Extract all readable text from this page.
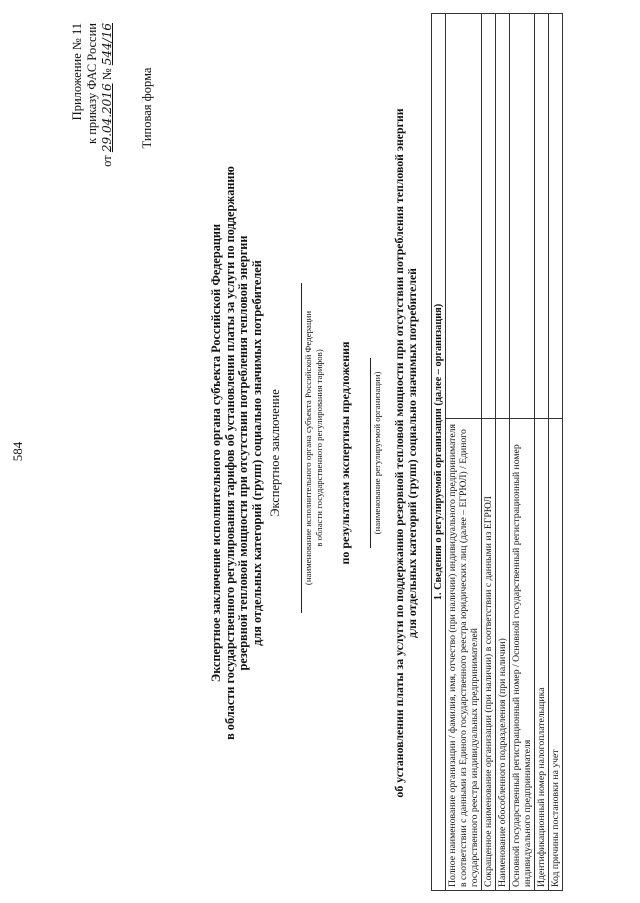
584
Приложение № 11 к приказу ФАС России
от 29.04.2016 № 544/16
Типовая форма
Экспертное заключение исполнительного органа субъекта Российской Федерации в области государственного регулирования тарифов об установлении платы за услуги по поддержанию резервной тепловой мощности при отсутствии потребления тепловой энергии для отдельных категорий (групп) социально значимых потребителей Экспертное заключение (наименование исполнительного органа субъекта Российской Федерации в области государственного регулирования тарифов) по результатам экспертизы предложения (наименование регулируемой организации) об установлении платы за услуги по поддержанию резервной тепловой мощности при отсутствии потребления тепловой энергии для отдельных категорий (групп) социально значимых потребителей 1. Сведения о регулируемой организации (далее – организация)	
Полное наименование организации / фамилия, имя, отчество (при наличии) индивидуального предпринимателя в соответствии с данными из Единого государственного реестра юридических лиц (далее – ЕГРЮЛ) / Единого государственного реестра индивидуальных предпринимателей	
Сокращенное наименование организации (при наличии) в соответствии с данными из ЕГРЮЛ	
Наименование обособленного подразделения (при наличии)	
Основной государственный регистрационный номер / Основной государственный регистрационный номер индивидуального предпринимателя	
Идентификационный номер налогоплательщика	
Код причины постановки на учет	
